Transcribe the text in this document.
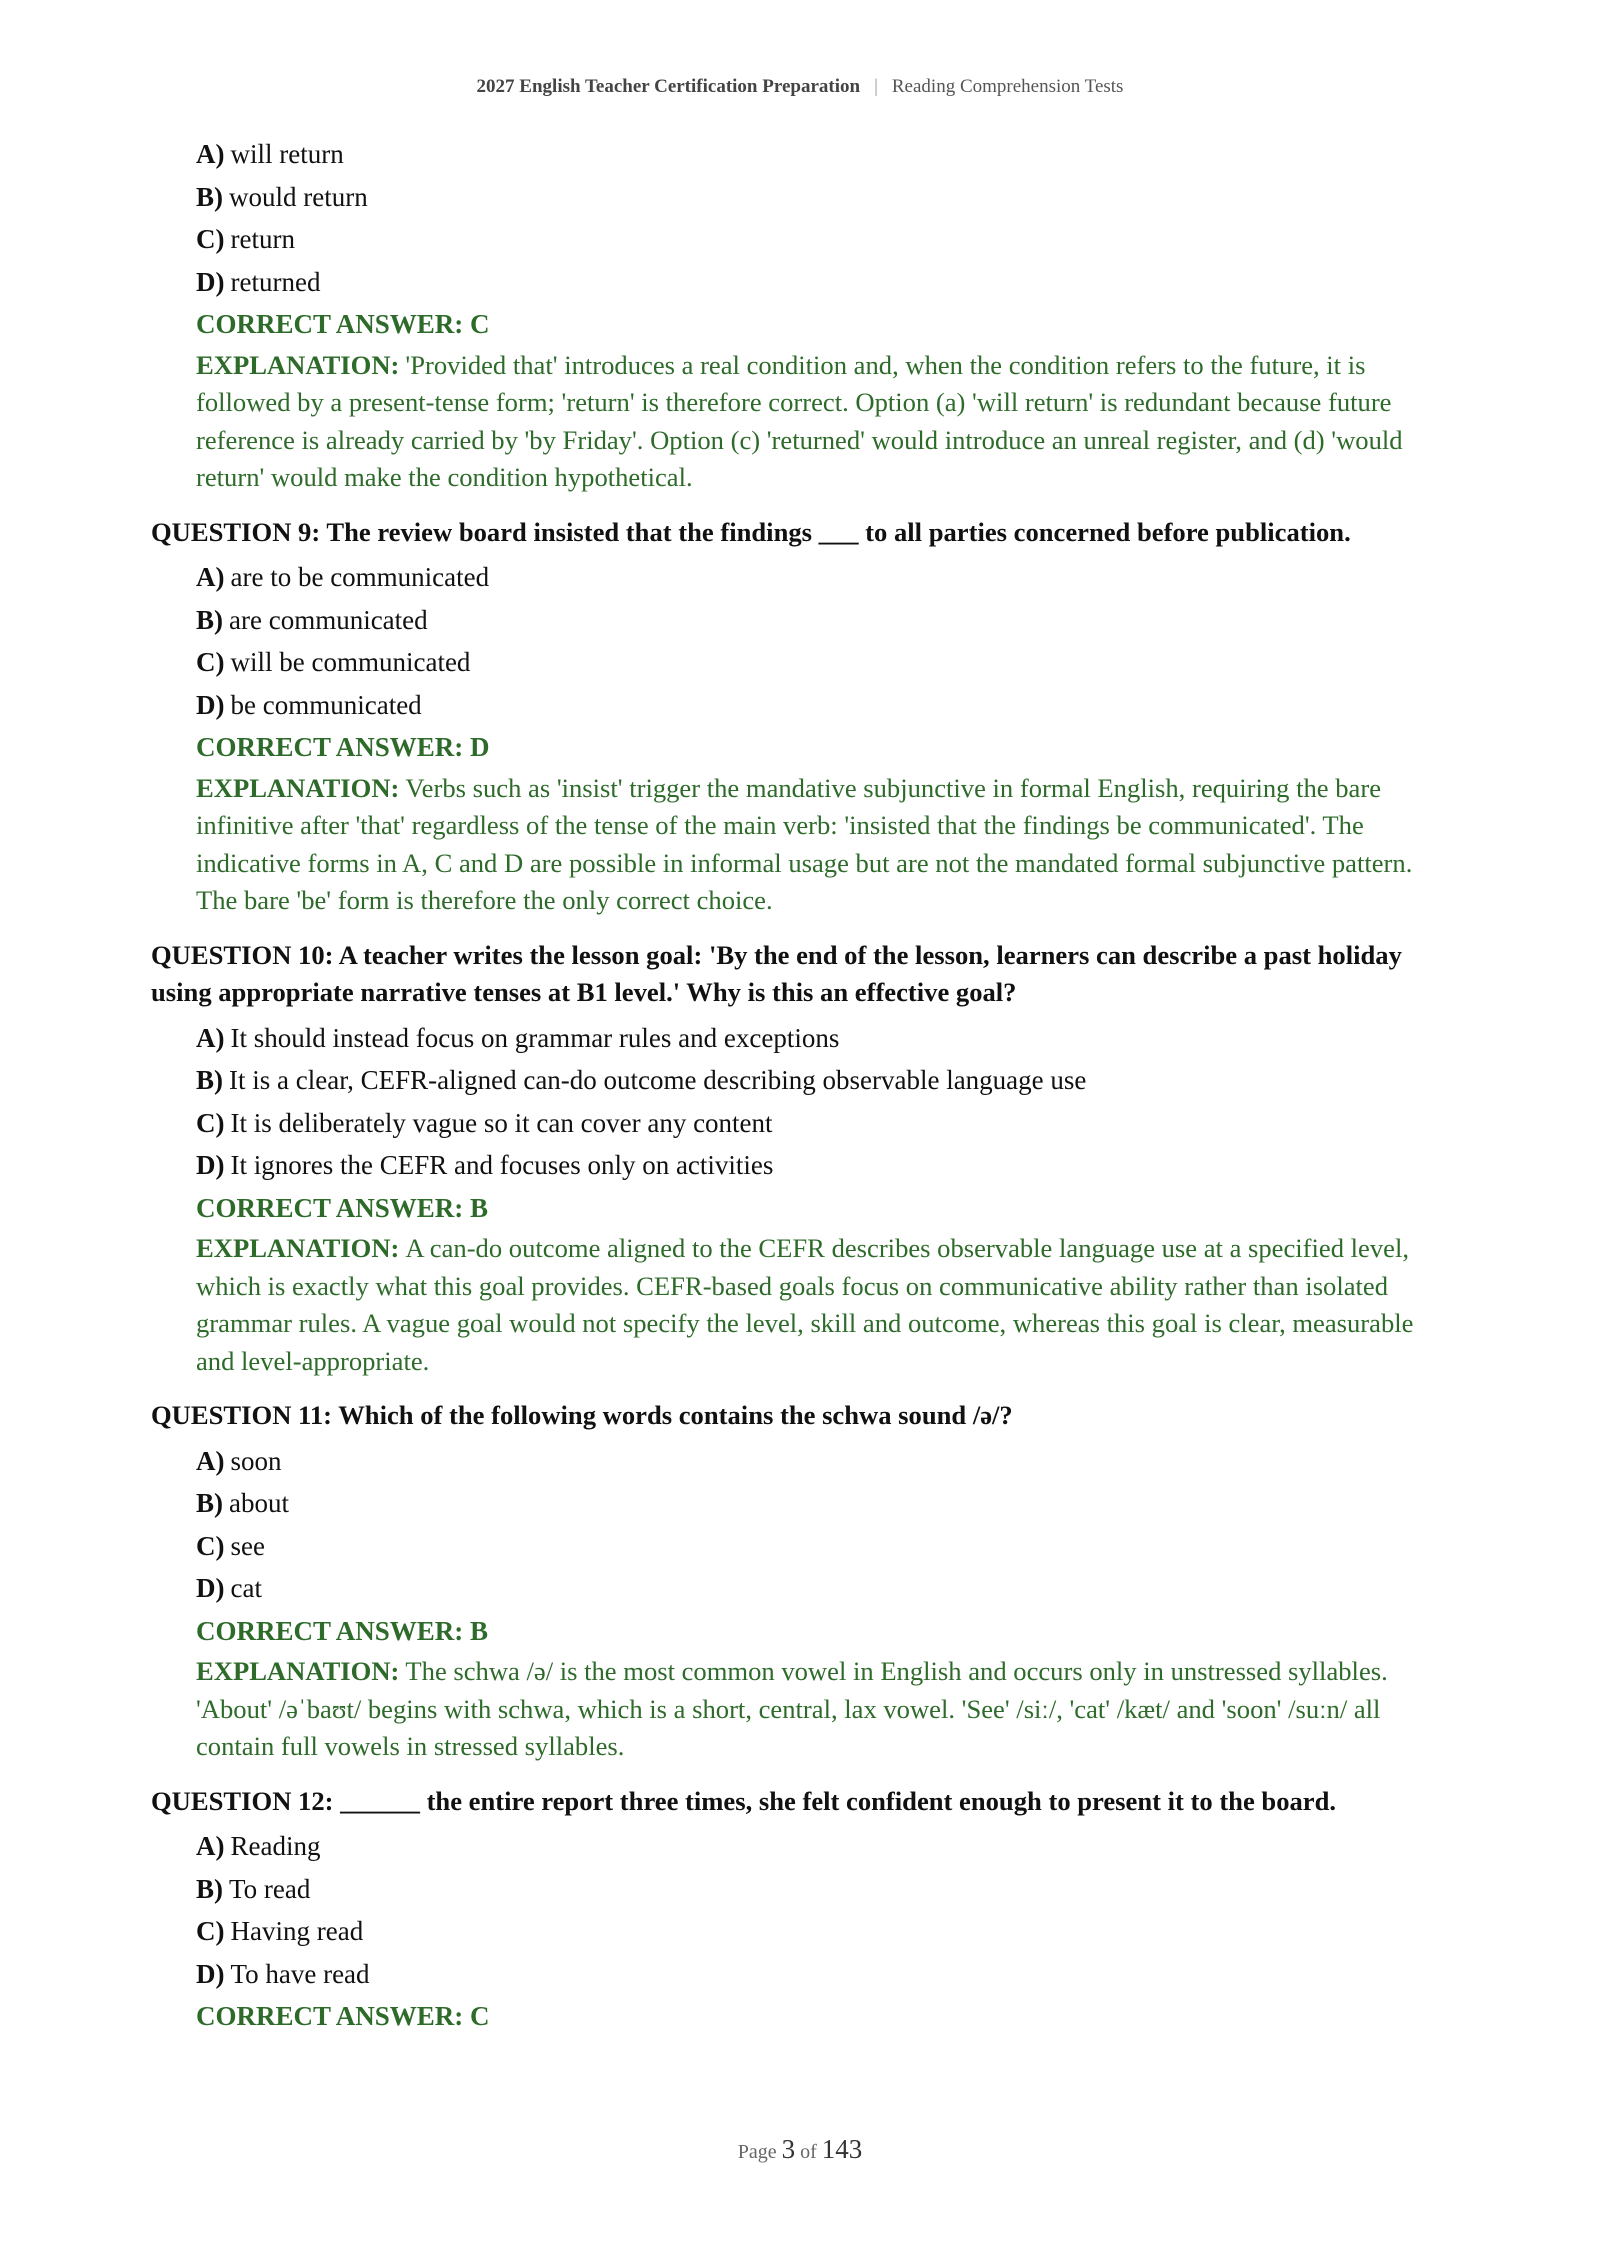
2027 English Teacher Certification Preparation | Reading Comprehension Tests
A) will return
B) would return
C) return
D) returned
CORRECT ANSWER: C
EXPLANATION: 'Provided that' introduces a real condition and, when the condition refers to the future, it is followed by a present-tense form; 'return' is therefore correct. Option (a) 'will return' is redundant because future reference is already carried by 'by Friday'. Option (c) 'returned' would introduce an unreal register, and (d) 'would return' would make the condition hypothetical.
QUESTION 9: The review board insisted that the findings ___ to all parties concerned before publication.
A) are to be communicated
B) are communicated
C) will be communicated
D) be communicated
CORRECT ANSWER: D
EXPLANATION: Verbs such as 'insist' trigger the mandative subjunctive in formal English, requiring the bare infinitive after 'that' regardless of the tense of the main verb: 'insisted that the findings be communicated'. The indicative forms in A, C and D are possible in informal usage but are not the mandated formal subjunctive pattern. The bare 'be' form is therefore the only correct choice.
QUESTION 10: A teacher writes the lesson goal: 'By the end of the lesson, learners can describe a past holiday using appropriate narrative tenses at B1 level.' Why is this an effective goal?
A) It should instead focus on grammar rules and exceptions
B) It is a clear, CEFR-aligned can-do outcome describing observable language use
C) It is deliberately vague so it can cover any content
D) It ignores the CEFR and focuses only on activities
CORRECT ANSWER: B
EXPLANATION: A can-do outcome aligned to the CEFR describes observable language use at a specified level, which is exactly what this goal provides. CEFR-based goals focus on communicative ability rather than isolated grammar rules. A vague goal would not specify the level, skill and outcome, whereas this goal is clear, measurable and level-appropriate.
QUESTION 11: Which of the following words contains the schwa sound /ə/?
A) soon
B) about
C) see
D) cat
CORRECT ANSWER: B
EXPLANATION: The schwa /ə/ is the most common vowel in English and occurs only in unstressed syllables. 'About' /əˈbaʊt/ begins with schwa, which is a short, central, lax vowel. 'See' /siː/, 'cat' /kæt/ and 'soon' /suːn/ all contain full vowels in stressed syllables.
QUESTION 12: ______ the entire report three times, she felt confident enough to present it to the board.
A) Reading
B) To read
C) Having read
D) To have read
CORRECT ANSWER: C
Page 3 of 143
